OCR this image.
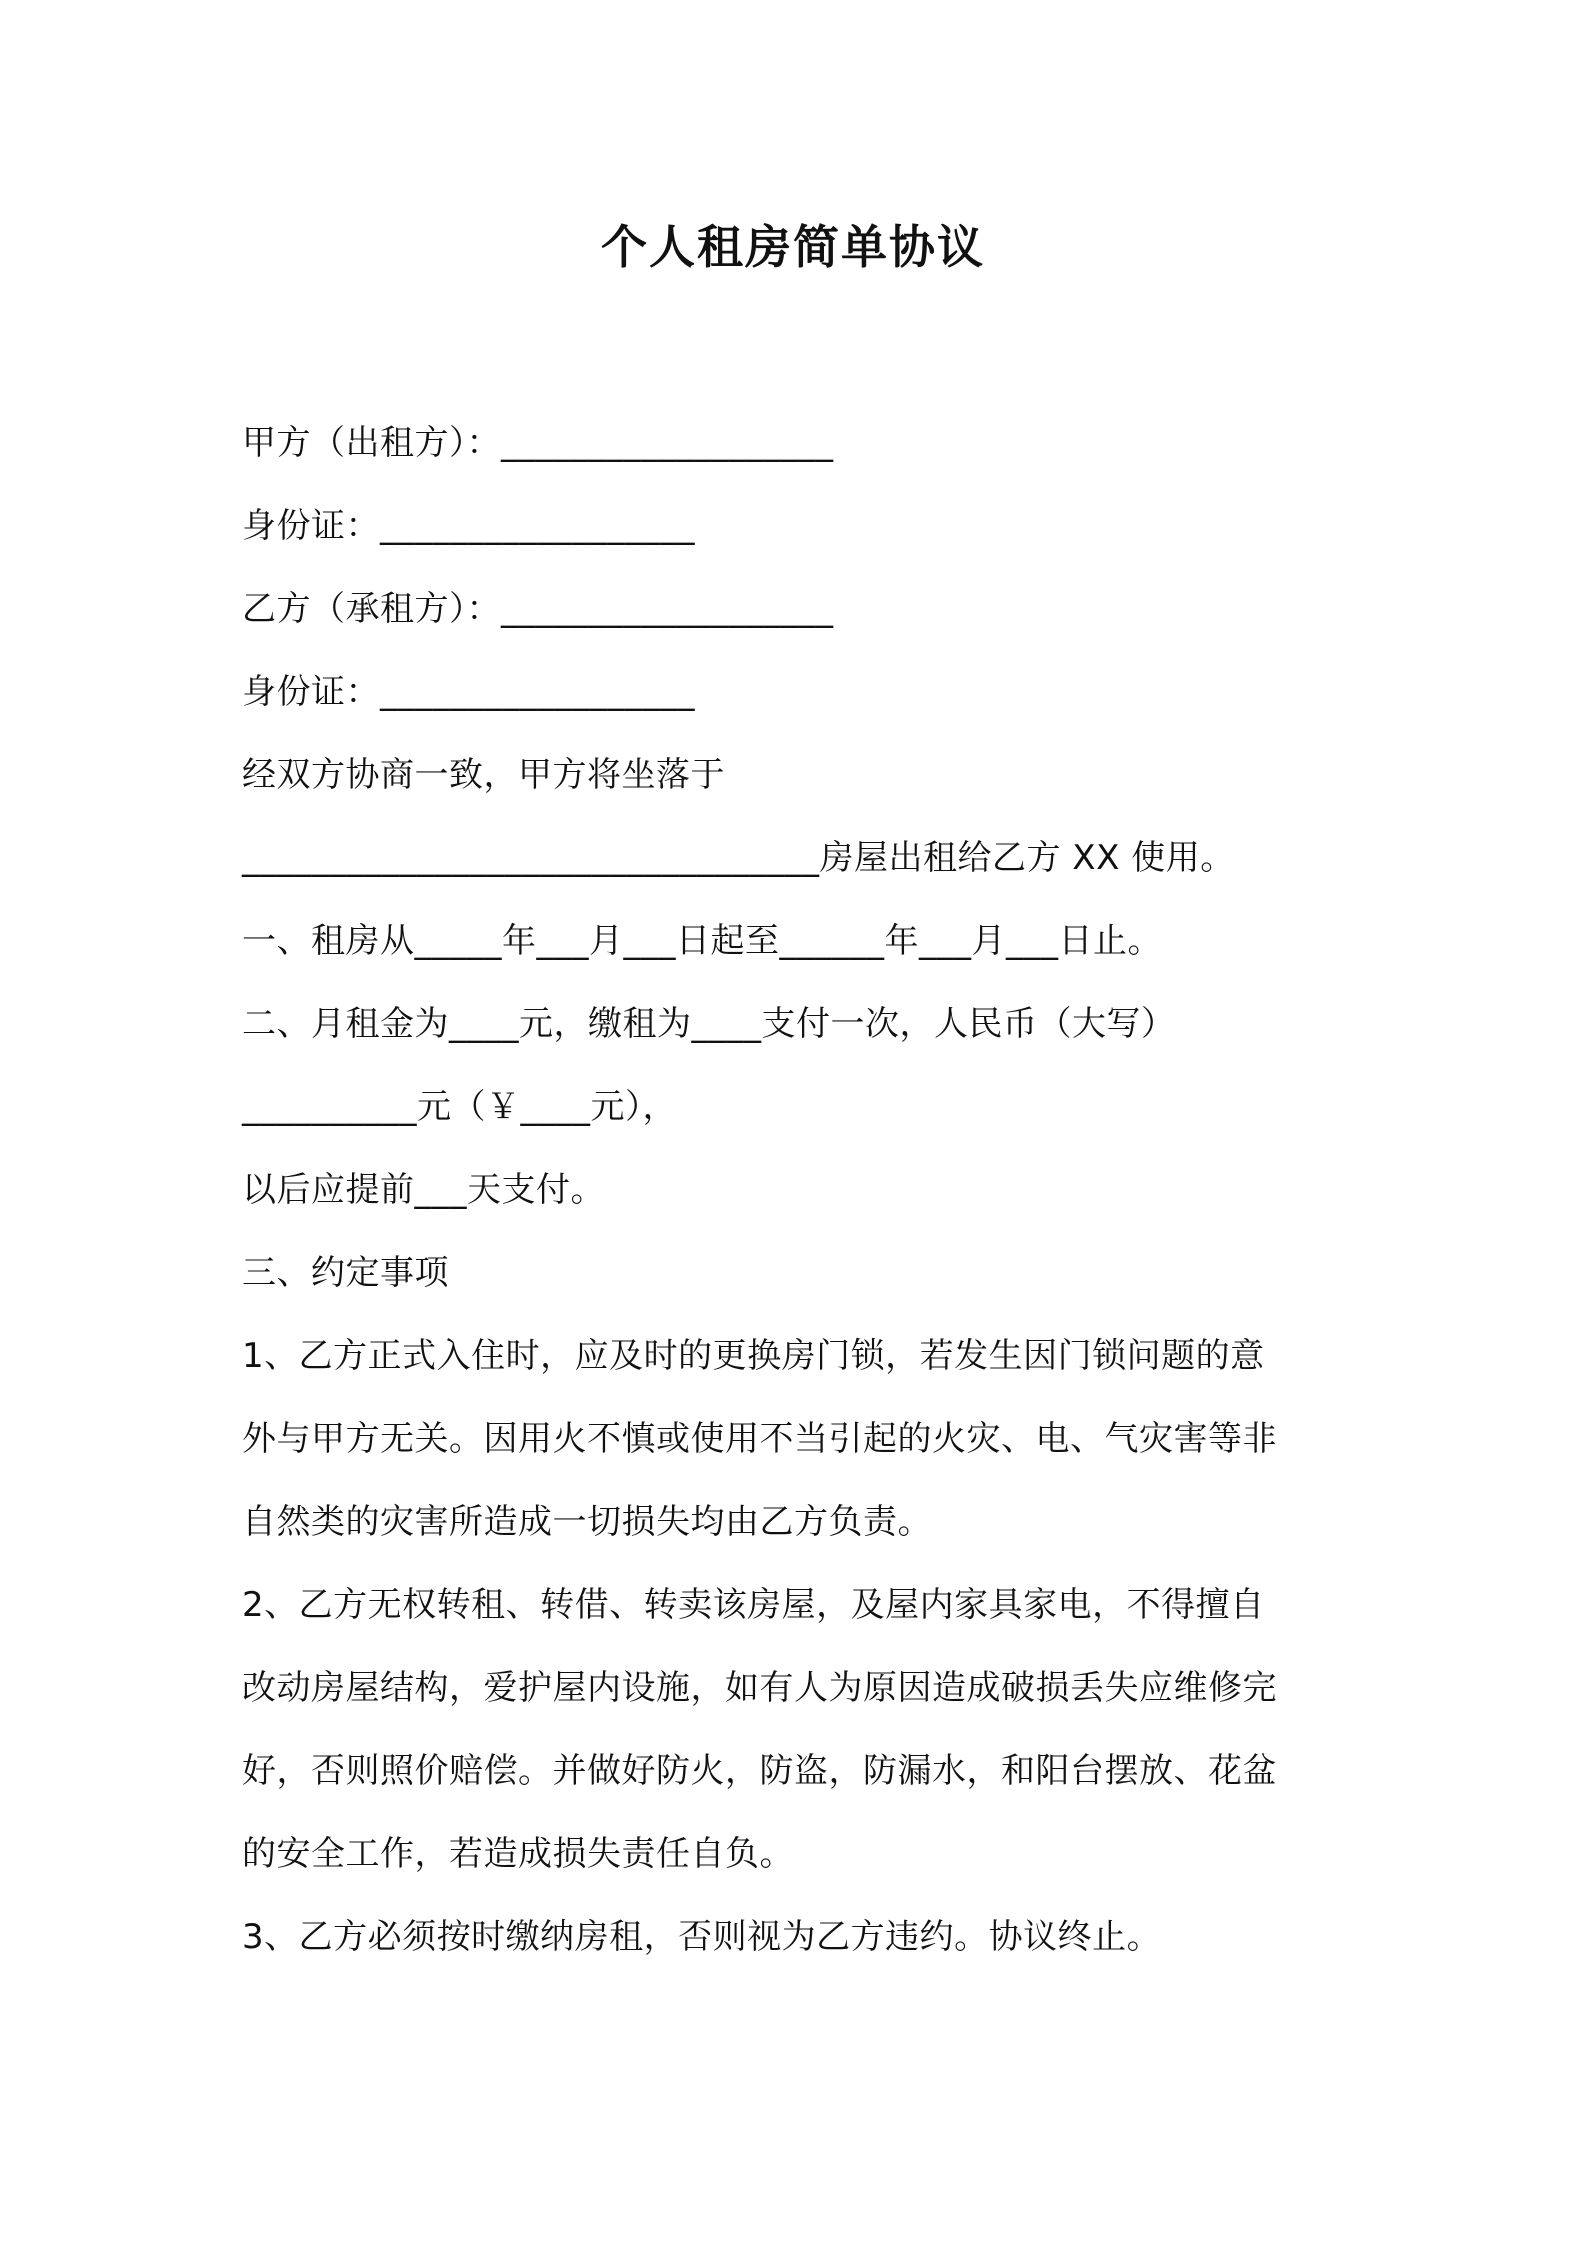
个人租房简单协议
甲方（出租方）：___________________
身份证：__________________
乙方（承租方）：___________________
身份证：__________________
经双方协商一致，甲方将坐落于
_________________________________房屋出租给乙方 XX 使用。
一、租房从_____年___月___日起至______年___月___日止。
二、月租金为____元，缴租为____支付一次，人民币（大写）
__________元（￥____元），
以后应提前___天支付。
三、约定事项
1、乙方正式入住时，应及时的更换房门锁，若发生因门锁问题的意
外与甲方无关。因用火不慎或使用不当引起的火灾、电、气灾害等非
自然类的灾害所造成一切损失均由乙方负责。
2、乙方无权转租、转借、转卖该房屋，及屋内家具家电，不得擅自
改动房屋结构，爱护屋内设施，如有人为原因造成破损丢失应维修完
好，否则照价赔偿。并做好防火，防盗，防漏水，和阳台摆放、花盆
的安全工作，若造成损失责任自负。
3、乙方必须按时缴纳房租，否则视为乙方违约。协议终止。
